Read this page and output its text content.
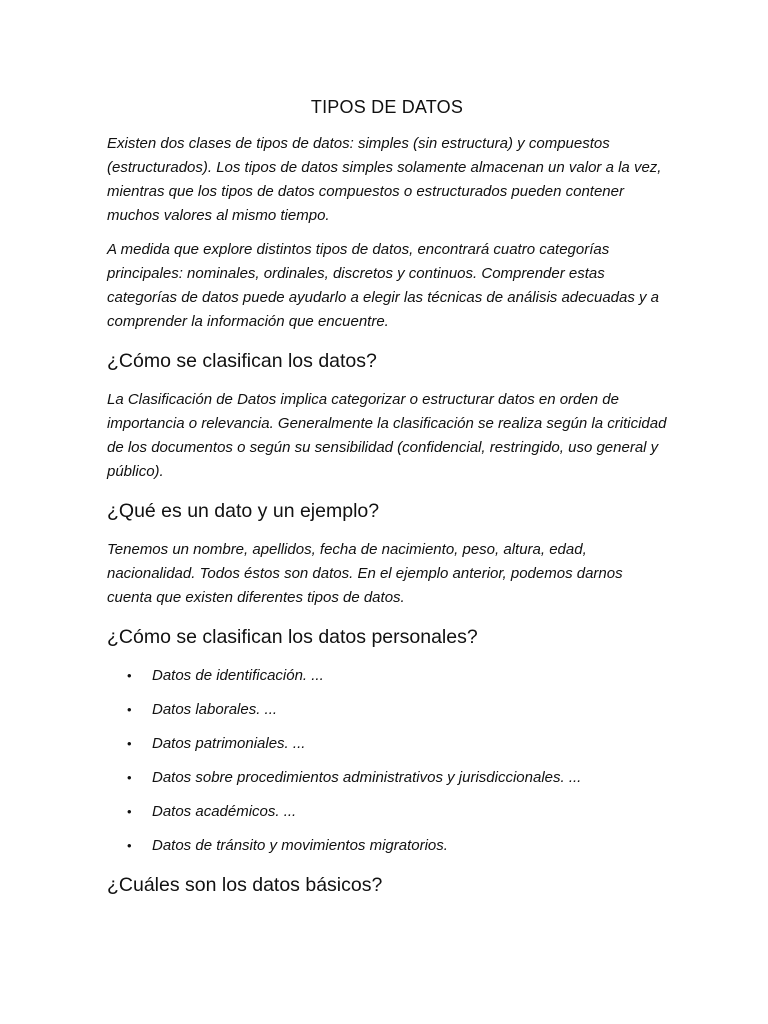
TIPOS DE DATOS

Existen dos clases de tipos de datos: simples (sin estructura) y compuestos (estructurados). Los tipos de datos simples solamente almacenan un valor a la vez, mientras que los tipos de datos compuestos o estructurados pueden contener muchos valores al mismo tiempo.

A medida que explore distintos tipos de datos, encontrará cuatro categorías principales: nominales, ordinales, discretos y continuos. Comprender estas categorías de datos puede ayudarlo a elegir las técnicas de análisis adecuadas y a comprender la información que encuentre.

¿Cómo se clasifican los datos?

La Clasificación de Datos implica categorizar o estructurar datos en orden de importancia o relevancia. Generalmente la clasificación se realiza según la criticidad de los documentos o según su sensibilidad (confidencial, restringido, uso general y público).

¿Qué es un dato y un ejemplo?

Tenemos un nombre, apellidos, fecha de nacimiento, peso, altura, edad, nacionalidad. Todos éstos son datos. En el ejemplo anterior, podemos darnos cuenta que existen diferentes tipos de datos.

¿Cómo se clasifican los datos personales?
• Datos de identificación. ...
• Datos laborales. ...
• Datos patrimoniales. ...
• Datos sobre procedimientos administrativos y jurisdiccionales. ...
• Datos académicos. ...
• Datos de tránsito y movimientos migratorios.
¿Cuáles son los datos básicos?
